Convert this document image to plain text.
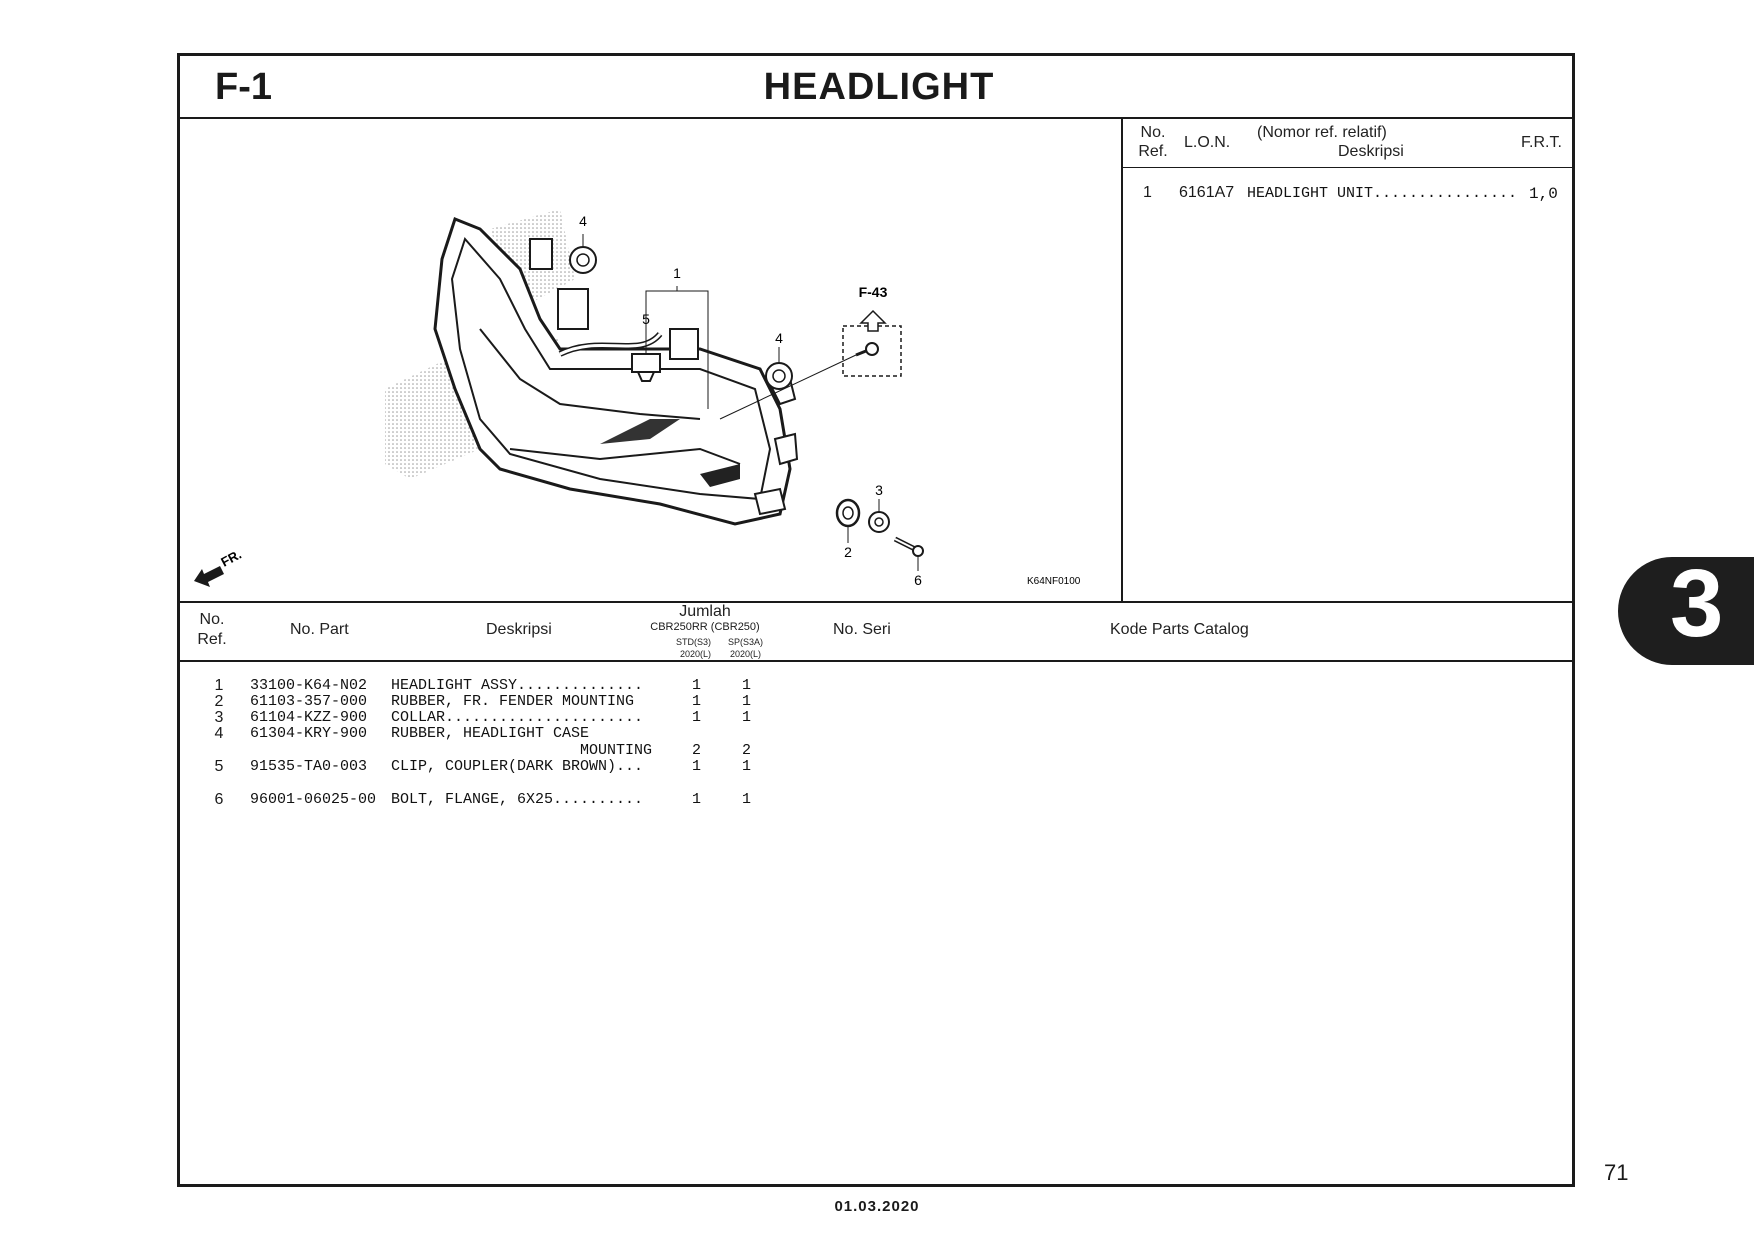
F-1	HEADLIGHT
4
1
5
4
3
2
6
F-43
FR.
K64NF0100
No.
Ref.
L.O.N.
(Nomor ref. relatif)
Deskripsi
F.R.T.
1 6161A7 HEADLIGHT UNIT................ 1,0
No.
Ref.
No. Part	Deskripsi
Jumlah
CBR250RR (CBR250)
STD(S3) SP(S3A)
2020(L) 2020(L)
No. Seri	Kode Parts Catalog
1 33100-K64-N02 HEADLIGHT ASSY..............	1	1
2 61103-357-000 RUBBER, FR. FENDER MOUNTING	1	1
3 61104-KZZ-900 COLLAR......................	1	1
4 61304-KRY-900 RUBBER, HEADLIGHT CASE
MOUNTING	2	2
5 91535-TA0-003 CLIP, COUPLER(DARK BROWN)...	1	1
6 96001-06025-00 BOLT, FLANGE, 6X25..........	1	1
3
71
01.03.2020
